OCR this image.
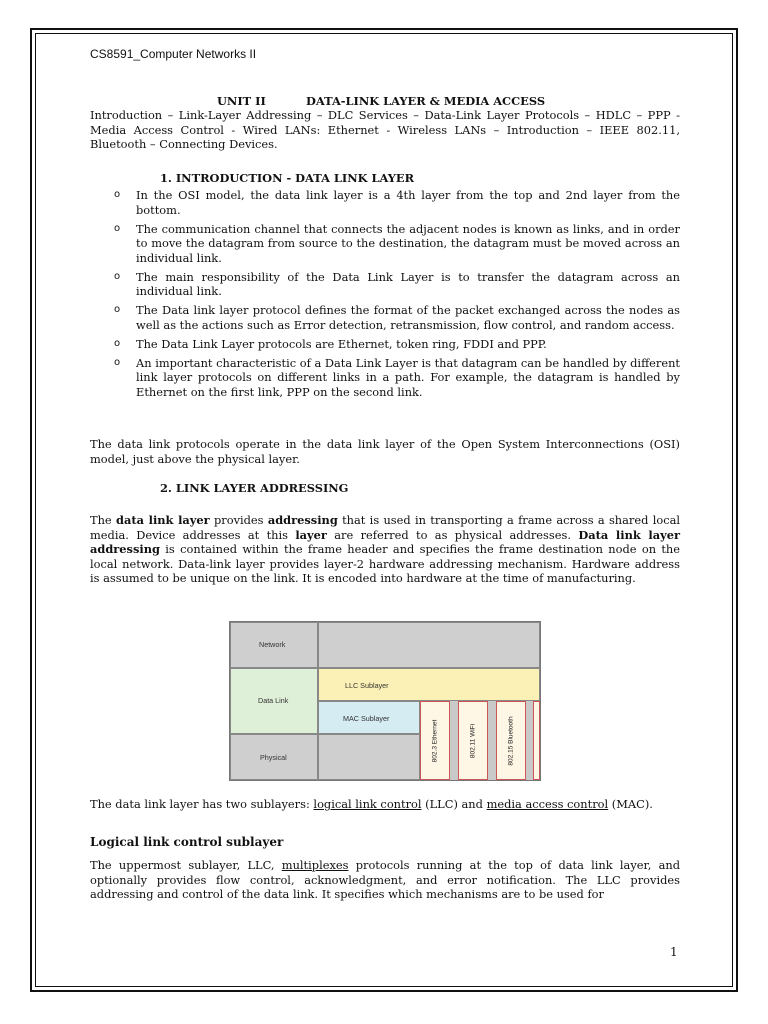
CS8591_Computer Networks II
UNIT II	DATA-LINK LAYER & MEDIA ACCESS
Introduction – Link-Layer Addressing – DLC Services – Data-Link Layer Protocols – HDLC – PPP - Media Access Control - Wired LANs: Ethernet - Wireless LANs – Introduction – IEEE 802.11, Bluetooth – Connecting Devices.
1. INTRODUCTION - DATA LINK LAYER
o In the OSI model, the data link layer is a 4th layer from the top and 2nd layer from the bottom.
o The communication channel that connects the adjacent nodes is known as links, and in order to move the datagram from source to the destination, the datagram must be moved across an individual link.
o The main responsibility of the Data Link Layer is to transfer the datagram across an individual link.
o The Data link layer protocol defines the format of the packet exchanged across the nodes as well as the actions such as Error detection, retransmission, flow control, and random access.
o The Data Link Layer protocols are Ethernet, token ring, FDDI and PPP.
o An important characteristic of a Data Link Layer is that datagram can be handled by different link layer protocols on different links in a path. For example, the datagram is handled by Ethernet on the first link, PPP on the second link.
The data link protocols operate in the data link layer of the Open System Interconnections (OSI) model, just above the physical layer.
2. LINK LAYER ADDRESSING
The data link layer provides addressing that is used in transporting a frame across a shared local media. Device addresses at this layer are referred to as physical addresses. Data link layer addressing is contained within the frame header and specifies the frame destination node on the local network. Data-link layer provides layer-2 hardware addressing mechanism. Hardware address is assumed to be unique on the link. It is encoded into hardware at the time of manufacturing.
Network
Data Link
LLC Sublayer
MAC Sublayer
Physical	802.3 Ethernet	802.11 WiFi	802.15 Bluetooth
The data link layer has two sublayers: logical link control (LLC) and media access control (MAC).
Logical link control sublayer
The uppermost sublayer, LLC, multiplexes protocols running at the top of data link layer, and optionally provides flow control, acknowledgment, and error notification. The LLC provides addressing and control of the data link. It specifies which mechanisms are to be used for
1
